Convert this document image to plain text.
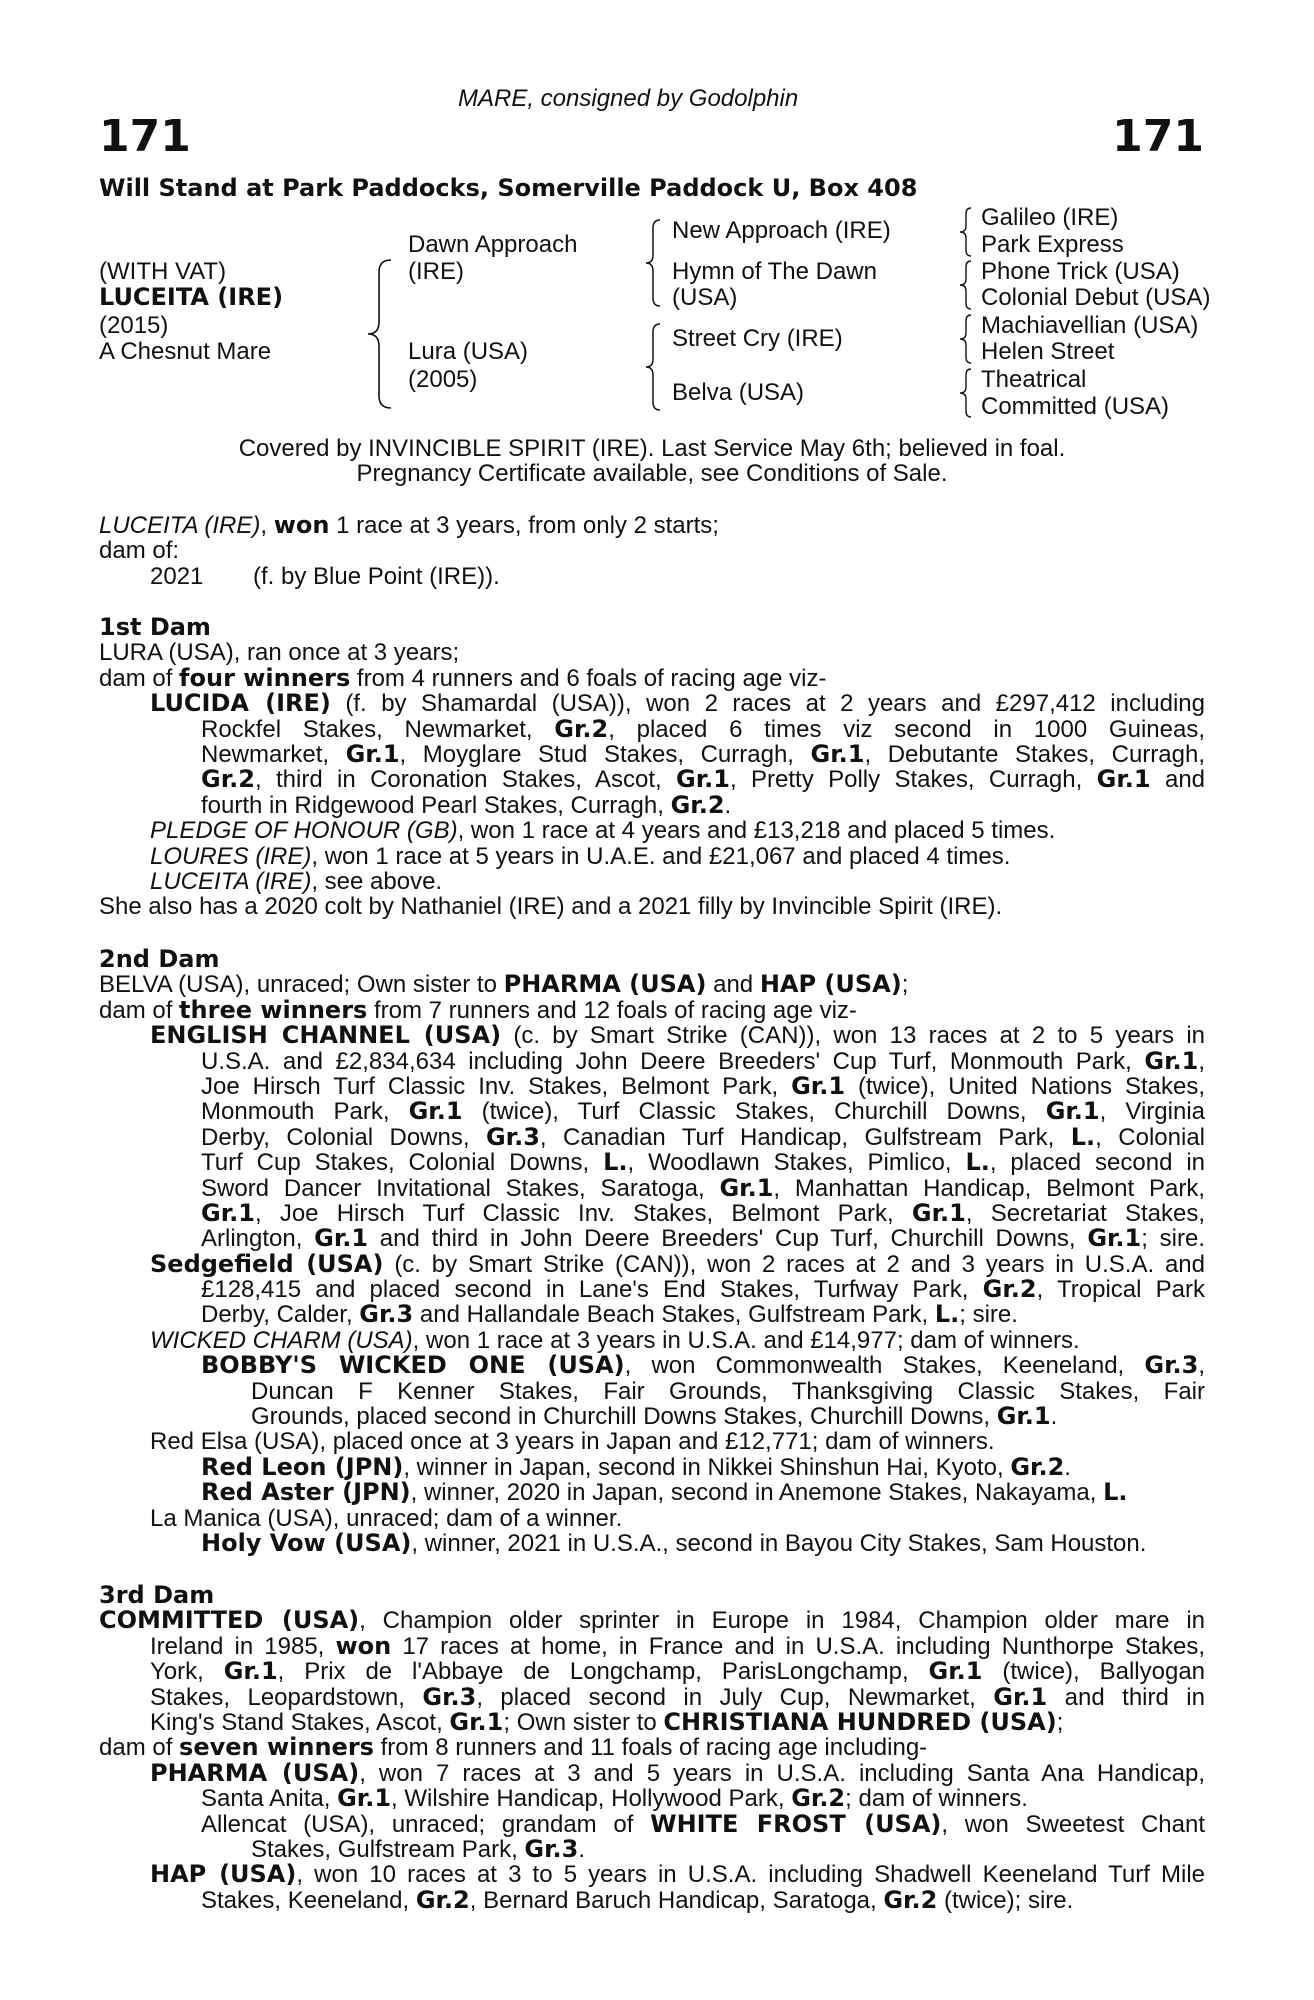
MARE, consigned by Godolphin
171	171
Will Stand at Park Paddocks, Somerville Paddock U, Box 408
(WITH VAT)
LUCEITA (IRE)
(2015)
A Chesnut Mare
Dawn Approach
(IRE)
Lura (USA)
(2005)
New Approach (IRE)
Hymn of The Dawn
(USA)
Street Cry (IRE)
Belva (USA)
Galileo (IRE)
Park Express
Phone Trick (USA)
Colonial Debut (USA)
Machiavellian (USA)
Helen Street
Theatrical
Committed (USA)
Covered by INVINCIBLE SPIRIT (IRE). Last Service May 6th; believed in foal.
Pregnancy Certificate available, see Conditions of Sale.
LUCEITA (IRE), won 1 race at 3 years, from only 2 starts;
dam of:
2021 (f. by Blue Point (IRE)).
1st Dam
LURA (USA), ran once at 3 years;
dam of four winners from 4 runners and 6 foals of racing age viz-
LUCIDA (IRE) (f. by Shamardal (USA)), won 2 races at 2 years and £297,412 including
Rockfel Stakes, Newmarket, Gr.2, placed 6 times viz second in 1000 Guineas,
Newmarket, Gr.1, Moyglare Stud Stakes, Curragh, Gr.1, Debutante Stakes, Curragh,
Gr.2, third in Coronation Stakes, Ascot, Gr.1, Pretty Polly Stakes, Curragh, Gr.1 and
fourth in Ridgewood Pearl Stakes, Curragh, Gr.2.
PLEDGE OF HONOUR (GB), won 1 race at 4 years and £13,218 and placed 5 times.
LOURES (IRE), won 1 race at 5 years in U.A.E. and £21,067 and placed 4 times.
LUCEITA (IRE), see above.
She also has a 2020 colt by Nathaniel (IRE) and a 2021 filly by Invincible Spirit (IRE).
2nd Dam
BELVA (USA), unraced; Own sister to PHARMA (USA) and HAP (USA);
dam of three winners from 7 runners and 12 foals of racing age viz-
ENGLISH CHANNEL (USA) (c. by Smart Strike (CAN)), won 13 races at 2 to 5 years in
U.S.A. and £2,834,634 including John Deere Breeders' Cup Turf, Monmouth Park, Gr.1,
Joe Hirsch Turf Classic Inv. Stakes, Belmont Park, Gr.1 (twice), United Nations Stakes,
Monmouth Park, Gr.1 (twice), Turf Classic Stakes, Churchill Downs, Gr.1, Virginia
Derby, Colonial Downs, Gr.3, Canadian Turf Handicap, Gulfstream Park, L., Colonial
Turf Cup Stakes, Colonial Downs, L., Woodlawn Stakes, Pimlico, L., placed second in
Sword Dancer Invitational Stakes, Saratoga, Gr.1, Manhattan Handicap, Belmont Park,
Gr.1, Joe Hirsch Turf Classic Inv. Stakes, Belmont Park, Gr.1, Secretariat Stakes,
Arlington, Gr.1 and third in John Deere Breeders' Cup Turf, Churchill Downs, Gr.1; sire.
Sedgefield (USA) (c. by Smart Strike (CAN)), won 2 races at 2 and 3 years in U.S.A. and
£128,415 and placed second in Lane's End Stakes, Turfway Park, Gr.2, Tropical Park
Derby, Calder, Gr.3 and Hallandale Beach Stakes, Gulfstream Park, L.; sire.
WICKED CHARM (USA), won 1 race at 3 years in U.S.A. and £14,977; dam of winners.
BOBBY'S WICKED ONE (USA), won Commonwealth Stakes, Keeneland, Gr.3,
Duncan F Kenner Stakes, Fair Grounds, Thanksgiving Classic Stakes, Fair
Grounds, placed second in Churchill Downs Stakes, Churchill Downs, Gr.1.
Red Elsa (USA), placed once at 3 years in Japan and £12,771; dam of winners.
Red Leon (JPN), winner in Japan, second in Nikkei Shinshun Hai, Kyoto, Gr.2.
Red Aster (JPN), winner, 2020 in Japan, second in Anemone Stakes, Nakayama, L.
La Manica (USA), unraced; dam of a winner.
Holy Vow (USA), winner, 2021 in U.S.A., second in Bayou City Stakes, Sam Houston.
3rd Dam
COMMITTED (USA), Champion older sprinter in Europe in 1984, Champion older mare in
Ireland in 1985, won 17 races at home, in France and in U.S.A. including Nunthorpe Stakes,
York, Gr.1, Prix de l'Abbaye de Longchamp, ParisLongchamp, Gr.1 (twice), Ballyogan
Stakes, Leopardstown, Gr.3, placed second in July Cup, Newmarket, Gr.1 and third in
King's Stand Stakes, Ascot, Gr.1; Own sister to CHRISTIANA HUNDRED (USA);
dam of seven winners from 8 runners and 11 foals of racing age including-
PHARMA (USA), won 7 races at 3 and 5 years in U.S.A. including Santa Ana Handicap,
Santa Anita, Gr.1, Wilshire Handicap, Hollywood Park, Gr.2; dam of winners.
Allencat (USA), unraced; grandam of WHITE FROST (USA), won Sweetest Chant
Stakes, Gulfstream Park, Gr.3.
HAP (USA), won 10 races at 3 to 5 years in U.S.A. including Shadwell Keeneland Turf Mile
Stakes, Keeneland, Gr.2, Bernard Baruch Handicap, Saratoga, Gr.2 (twice); sire.
